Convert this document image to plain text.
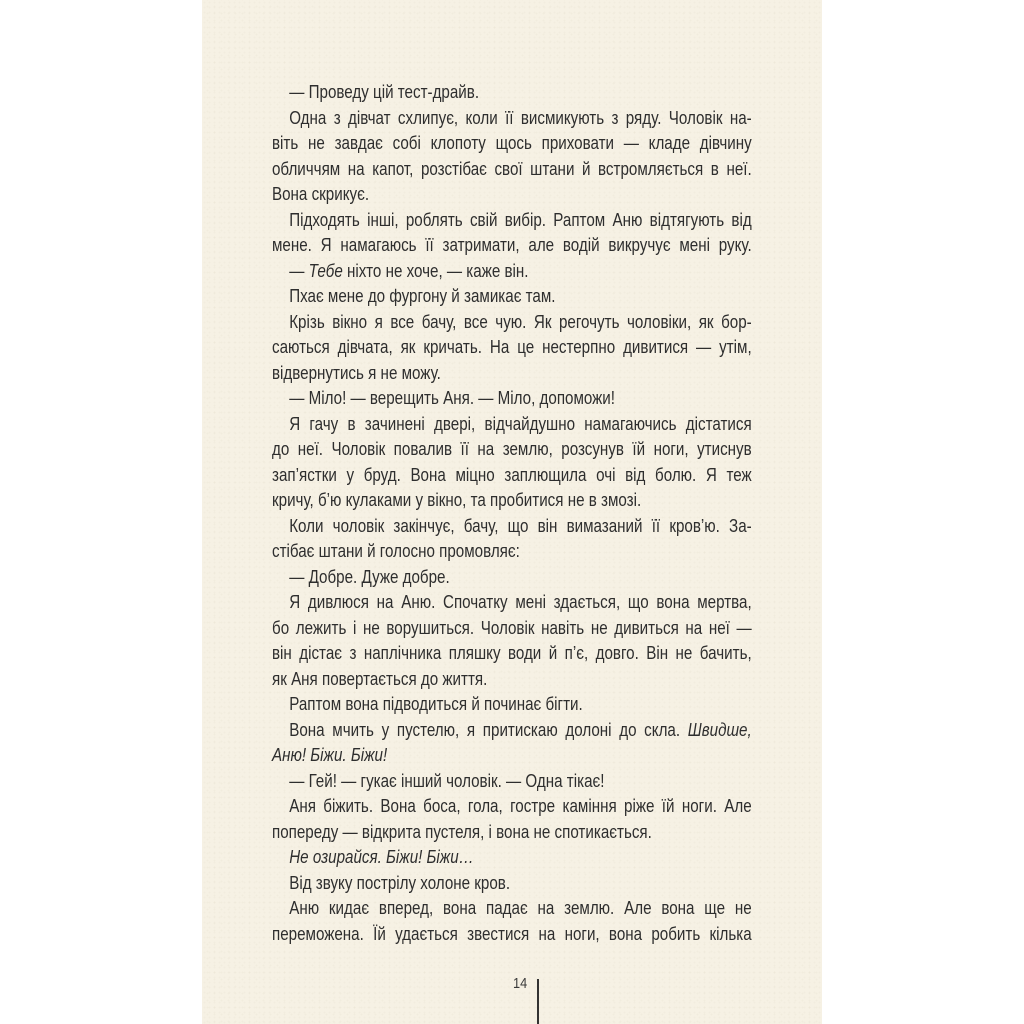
— Проведу цій тест-драйв.
Одна з дівчат схлипує, коли її висмикують з ряду. Чоловік на-
віть не завдає собі клопоту щось приховати — кладе дівчину
обличчям на капот, розстібає свої штани й встромляється в неї.
Вона скрикує.
Підходять інші, роблять свій вибір. Раптом Аню відтягують від
мене. Я намагаюсь її затримати, але водій викручує мені руку.
— Тебе ніхто не хоче, — каже він.
Пхає мене до фургону й замикає там.
Крізь вікно я все бачу, все чую. Як регочуть чоловіки, як бор-
саються дівчата, як кричать. На це нестерпно дивитися — утім,
відвернутись я не можу.
— Міло! — верещить Аня. — Міло, допоможи!
Я гачу в зачинені двері, відчайдушно намагаючись дістатися
до неї. Чоловік повалив її на землю, розсунув їй ноги, утиснув
зап’ястки у бруд. Вона міцно заплющила очі від болю. Я теж
кричу, б’ю кулаками у вікно, та пробитися не в змозі.
Коли чоловік закінчує, бачу, що він вимазаний її кров’ю. За-
стібає штани й голосно промовляє:
— Добре. Дуже добре.
Я дивлюся на Аню. Спочатку мені здається, що вона мертва,
бо лежить і не ворушиться. Чоловік навіть не дивиться на неї —
він дістає з наплічника пляшку води й п’є, довго. Він не бачить,
як Аня повертається до життя.
Раптом вона підводиться й починає бігти.
Вона мчить у пустелю, я притискаю долоні до скла. Швидше,
Аню! Біжи. Біжи!
— Гей! — гукає інший чоловік. — Одна тікає!
Аня біжить. Вона боса, гола, гостре каміння ріже їй ноги. Але
попереду — відкрита пустеля, і вона не спотикається.
Не озирайся. Біжи! Біжи…
Від звуку пострілу холоне кров.
Аню кидає вперед, вона падає на землю. Але вона ще не
переможена. Їй удається звестися на ноги, вона робить кілька
14
